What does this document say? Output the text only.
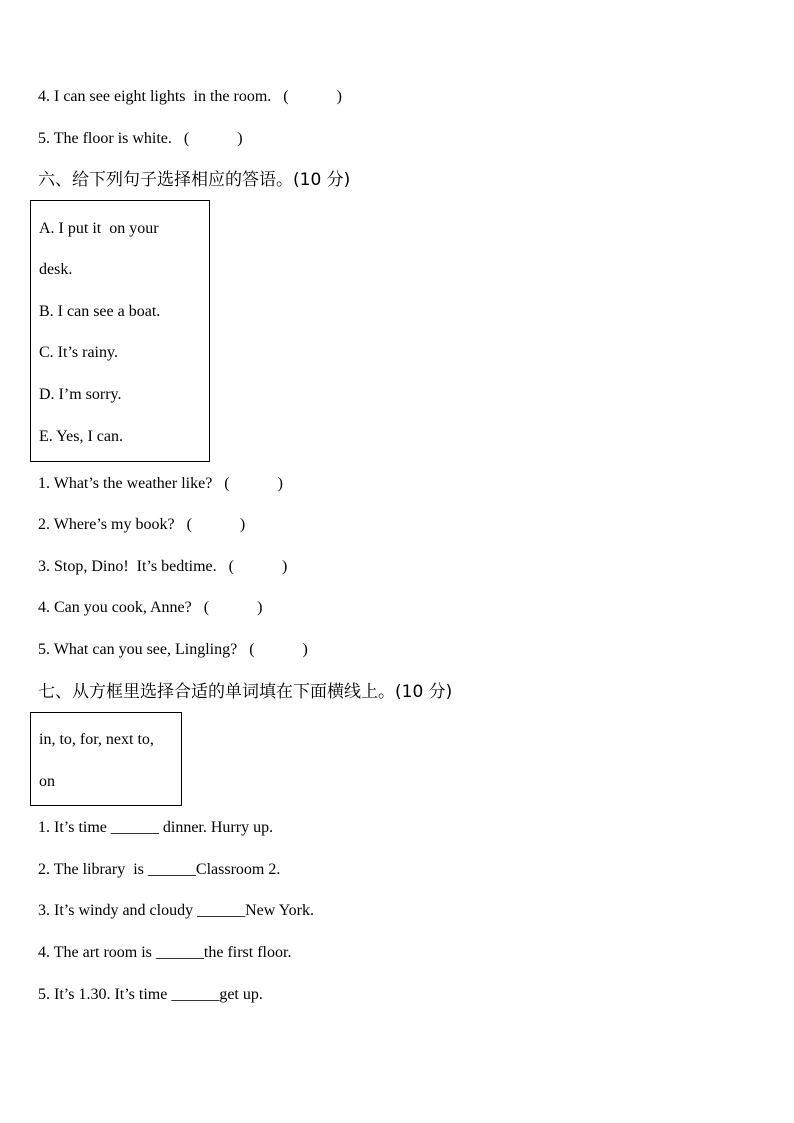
4. I can see eight lights  in the room.   (            )
5. The floor is white.   (            )
六、给下列句子选择相应的答语。(10 分)
A. I put it  on your
desk.
B. I can see a boat.
C. It’s rainy.
D. I’m sorry.
E. Yes, I can.
1. What’s the weather like?   (            )
2. Where’s my book?   (            )
3. Stop, Dino!  It’s bedtime.   (            )
4. Can you cook, Anne?   (            )
5. What can you see, Lingling?   (            )
七、从方框里选择合适的单词填在下面横线上。(10 分)
in, to, for, next to,
on
1. It’s time ______ dinner. Hurry up.
2. The library  is ______Classroom 2.
3. It’s windy and cloudy ______New York.
4. The art room is ______the first floor.
5. It’s 1.30. It’s time ______get up.
